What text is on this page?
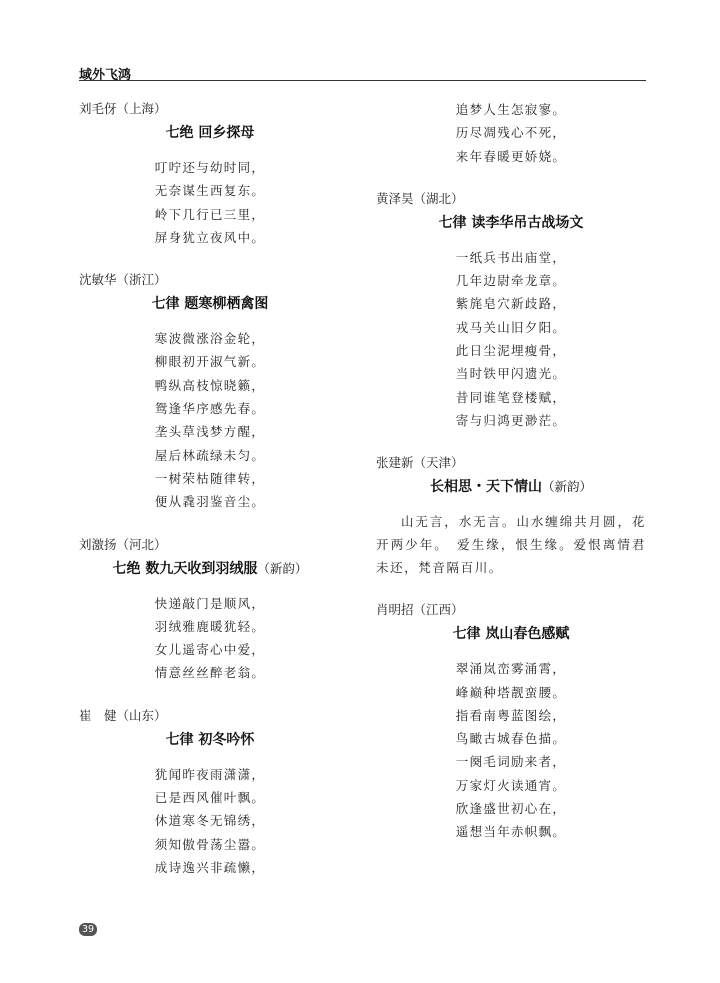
域外飞鸿

刘毛伢（上海）

七绝 回乡探母

叮咛还与幼时同，
无奈谋生西复东。
岭下几行已三里，
屏身犹立夜风中。

沈敏华（浙江）

七律 题寒柳栖禽图

寒波微涨浴金轮，
柳眼初开淑气新。
鸭纵高枝惊晓籁，
鸳逢华序感先春。
垄头草浅梦方醒，
屋后林疏绿未匀。
一树荣枯随律转，
便从毳羽鉴音尘。

刘激扬（河北）

七绝 数九天收到羽绒服（新韵）

快递敲门是顺风，
羽绒雅鹿暖犹轻。
女儿遥寄心中爱，
情意丝丝醉老翁。

崔　健（山东）

七律 初冬吟怀

犹闻昨夜雨潇潇，
已是西风催叶飘。
休道寒冬无锦绣，
须知傲骨荡尘嚣。
成诗逸兴非疏懒，
追梦人生怎寂寥。
历尽凋残心不死，
来年春暖更娇娆。

黄泽昊（湖北）

七律 读李华吊古战场文

一纸兵书出庙堂，
几年边尉牵龙章。
紫旄皂穴新歧路，
戎马关山旧夕阳。
此日尘泥埋瘦骨，
当时铁甲闪遗光。
昔同谁笔登楼赋，
寄与归鸿更渺茫。

张建新（天津）

长相思・天下情山（新韵）

山无言，水无言。山水缠绵共月圆，花开两少年。　爱生缘，恨生缘。爱恨离情君未还，梵音隔百川。

肖明招（江西）

七律 岚山春色感赋

翠涌岚峦雾涌霄，
峰巅种塔靓蛮腰。
指看南粤蓝图绘，
鸟瞰古城春色描。
一阕毛词励来者，
万家灯火读通宵。
欣逢盛世初心在，
遥想当年赤帜飘。
39
